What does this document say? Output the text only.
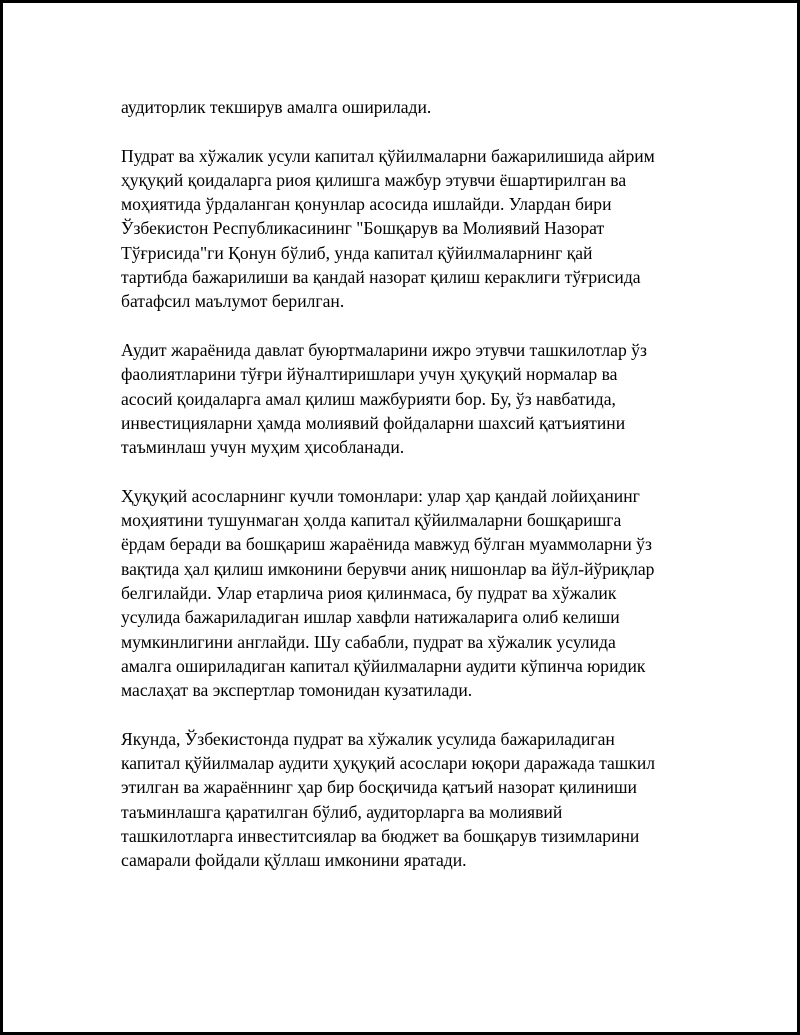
аудиторлик текширув амалга оширилади.

Пудрат ва хўжалик усули капитал қўйилмаларни бажарилишида айрим
ҳуқуқий қоидаларга риоя қилишга мажбур этувчи ёшартирилган ва
моҳиятида ўрдаланган қонунлар асосида ишлайди. Улардан бири
Ўзбекистон Республикасининг "Бошқарув ва Молиявий Назорат
Тўғрисида"ги Қонун бўлиб, унда капитал қўйилмаларнинг қай
тартибда бажарилиши ва қандай назорат қилиш кераклиги тўғрисида
батафсил маълумот берилган.

Аудит жараёнида давлат буюртмаларини ижро этувчи ташкилотлар ўз
фаолиятларини тўғри йўналтиришлари учун ҳуқуқий нормалар ва
асосий қоидаларга амал қилиш мажбурияти бор. Бу, ўз навбатида,
инвестицияларни ҳамда молиявий фойдаларни шахсий қатъиятини
таъминлаш учун муҳим ҳисобланади.

Ҳуқуқий асосларнинг кучли томонлари: улар ҳар қандай лойиҳанинг
моҳиятини тушунмаган ҳолда капитал қўйилмаларни бошқаришга
ёрдам беради ва бошқариш жараёнида мавжуд бўлган муаммоларни ўз
вақтида ҳал қилиш имконини берувчи аниқ нишонлар ва йўл-йўриқлар
белгилайди. Улар етарлича риоя қилинмаса, бу пудрат ва хўжалик
усулида бажариладиган ишлар хавфли натижаларига олиб келиши
мумкинлигини англайди. Шу сабабли, пудрат ва хўжалик усулида
амалга ошириладиган капитал қўйилмаларни аудити кўпинча юридик
маслаҳат ва экспертлар томонидан кузатилади.

Якунда, Ўзбекистонда пудрат ва хўжалик усулида бажариладиган
капитал қўйилмалар аудити ҳуқуқий асослари юқори даражада ташкил
этилган ва жараённинг ҳар бир босқичида қатъий назорат қилиниши
таъминлашга қаратилган бўлиб, аудиторларга ва молиявий
ташкилотларга инвеститсиялар ва бюджет ва бошқарув тизимларини
самарали фойдали қўллаш имконини яратади.
